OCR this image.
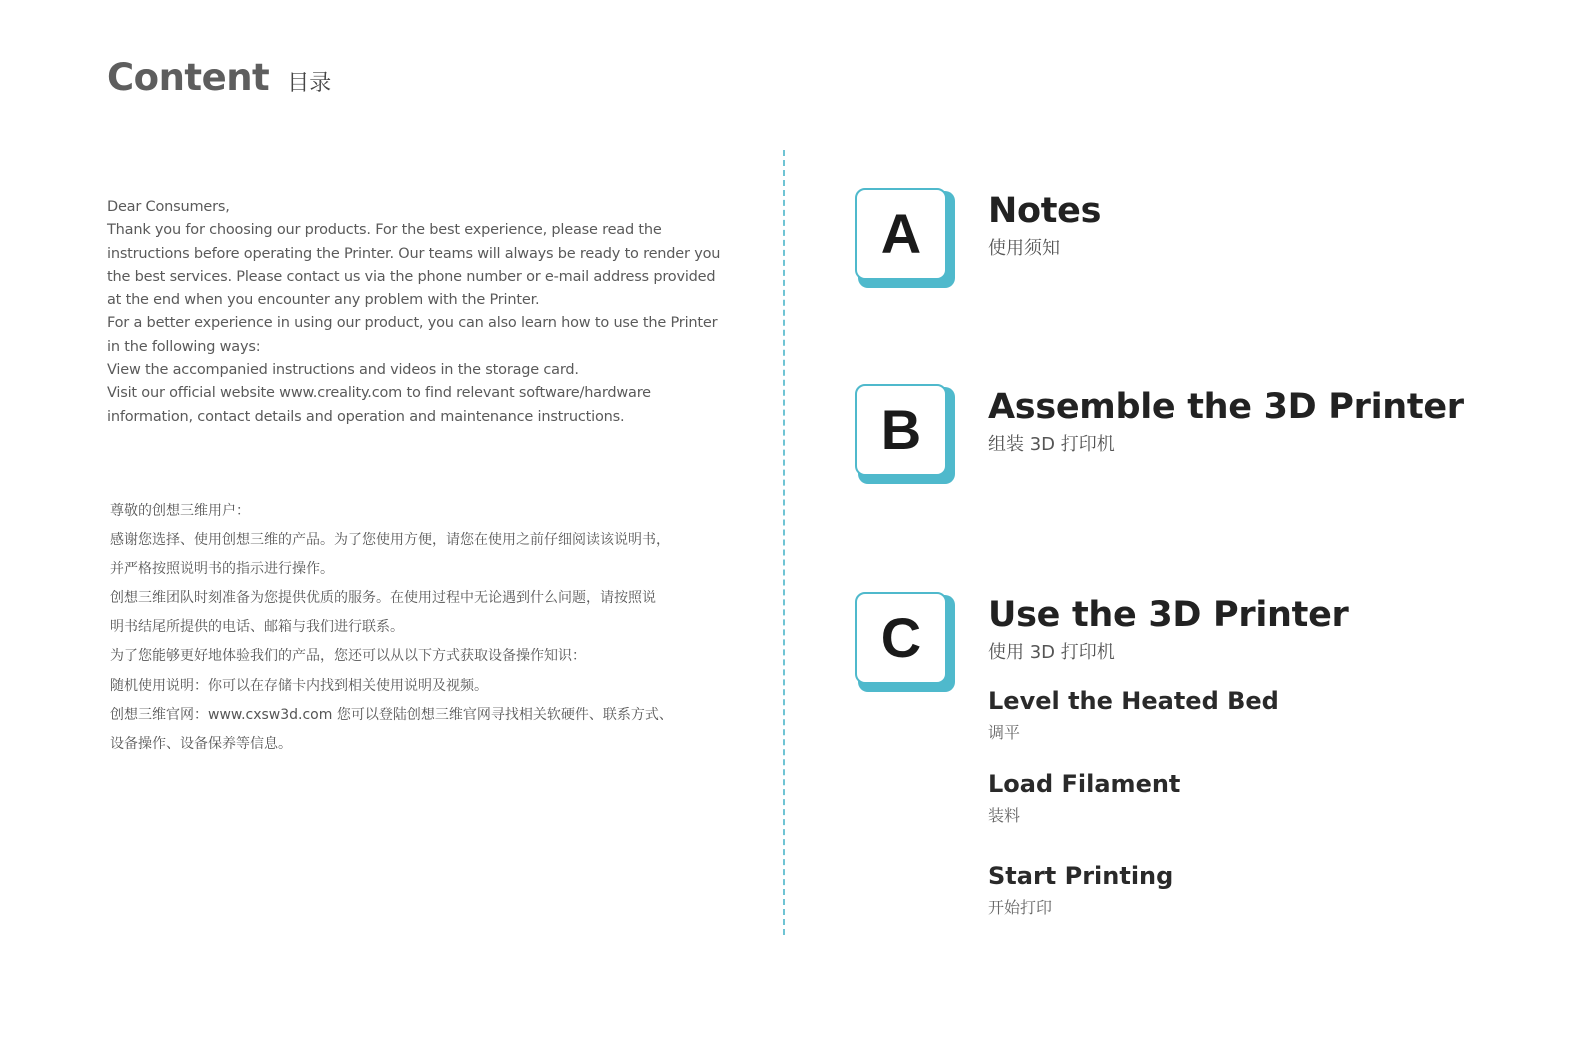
Content 目录

Dear Consumers,

Thank you for choosing our products. For the best experience, please read the

instructions before operating the Printer. Our teams will always be ready to render you

the best services. Please contact us via the phone number or e-mail address provided

at the end when you encounter any problem with the Printer.

For a better experience in using our product, you can also learn how to use the Printer

in the following ways:

View the accompanied instructions and videos in the storage card.

Visit our official website www.creality.com to find relevant software/hardware

information, contact details and operation and maintenance instructions.

尊敬的创想三维用户：

感谢您选择、使用创想三维的产品。为了您使用方便，请您在使用之前仔细阅读该说明书，

并严格按照说明书的指示进行操作。

创想三维团队时刻准备为您提供优质的服务。在使用过程中无论遇到什么问题，请按照说

明书结尾所提供的电话、邮箱与我们进行联系。

为了您能够更好地体验我们的产品，您还可以从以下方式获取设备操作知识：

随机使用说明：你可以在存储卡内找到相关使用说明及视频。

创想三维官网：www.cxsw3d.com 您可以登陆创想三维官网寻找相关软硬件、联系方式、

设备操作、设备保养等信息。

A Notes
使用须知
B Assemble the 3D Printer
组装 3D 打印机
C Use the 3D Printer
使用 3D 打印机
Level the Heated Bed
调平
Load Filament
装料
Start Printing
开始打印
